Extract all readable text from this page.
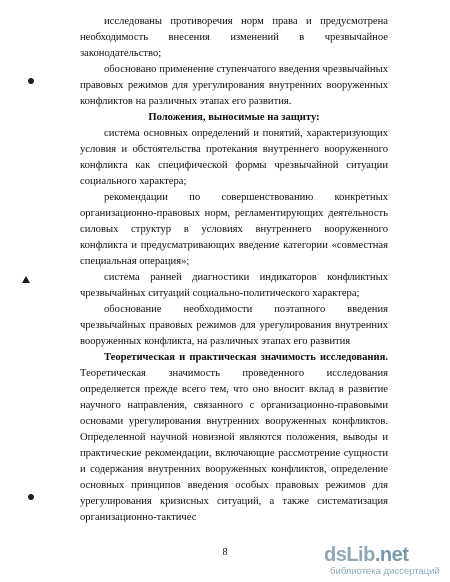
исследованы противоречия норм права и предусмотрена необходимость внесения изменений в чрезвычайное законодательство;

обосновано применение ступенчатого введения чрезвычайных правовых режимов для урегулирования внутренних вооруженных конфликтов на различных этапах его развития.

Положения, выносимые на защиту:

система основных определений и понятий, характеризующих условия и обстоятельства протекания внутреннего вооруженного конфликта как специфической формы чрезвычайной ситуации социального характера;

рекомендации по совершенствованию конкретных организационно-правовых норм, регламентирующих деятельность силовых структур в условиях внутреннего вооруженного конфликта и предусматривающих введение категории «совместная специальная операция»;

система ранней диагностики индикаторов конфликтных чрезвычайных ситуаций социально-политического характера;

обоснование необходимости поэтапного введения чрезвычайных правовых режимов для урегулирования внутренних вооруженных конфликта, на различных этапах его развития

Теоретическая и практическая значимость исследования. Теоретическая значимость проведенного исследования определяется прежде всего тем, что оно вносит вклад в развитие научного направления, связанного с организационно-правовыми основами урегулирования внутренних вооруженных конфликтов. Определенной научной новизной являются положения, выводы и практические рекомендации, включающие рассмотрение сущности и содержания внутренних вооруженных конфликтов, определение основных принципов введения особых правовых режимов для урегулирования кризисных ситуаций, а также систематизация организационно-тактичес

8	dsLib.net
библиотека диссертаций
